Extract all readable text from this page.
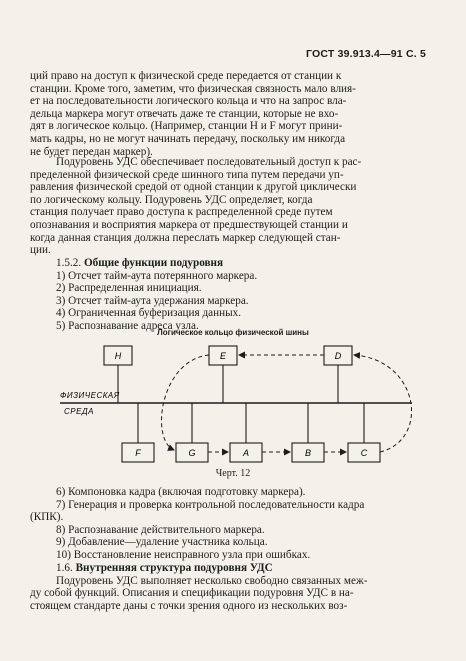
ГОСТ 39.913.4—91 С. 5
ций право на доступ к физической среде передается от станции к
станции. Кроме того, заметим, что физическая связность мало влия-
ет на последовательности логического кольца и что на запрос вла-
дельца маркера могут отвечать даже те станции, которые не вхо-
дят в логическое кольцо. (Например, станции H и F могут прини-
мать кадры, но не могут начинать передачу, поскольку им никогда
не будет передан маркер).
Подуровень УДС обеспечивает последовательный доступ к рас-
пределенной физической среде шинного типа путем передачи уп-
равления физической средой от одной станции к другой циклически
по логическому кольцу. Подуровень УДС определяет, когда
станция получает право доступа к распределенной среде путем
опознавания и восприятия маркера от предшествующей станции и
когда данная станция должна переслать маркер следующей стан-
ции.
1.5.2. Общие функции подуровня
1) Отсчет тайм-аута потерянного маркера.
2) Распределенная инициация.
3) Отсчет тайм-аута удержания маркера.
4) Ограниченная буферизация данных.
5) Распознавание адреса узла.
Логическое кольцо физической шины
ФИЗИЧЕСКАЯ
СРЕДА
H	E	D
F	G	A	B	C
Черт. 12
6) Компоновка кадра (включая подготовку маркера).
7) Генерация и проверка контрольной последовательности кадра
(КПК).
8) Распознавание действительного маркера.
9) Добавление—удаление участника кольца.
10) Восстановление неисправного узла при ошибках.
1.6. Внутренняя структура подуровня УДС
Подуровень УДС выполняет несколько свободно связанных меж-
ду собой функций. Описания и спецификации подуровня УДС в на-
стоящем стандарте даны с точки зрения одного из нескольких воз-
